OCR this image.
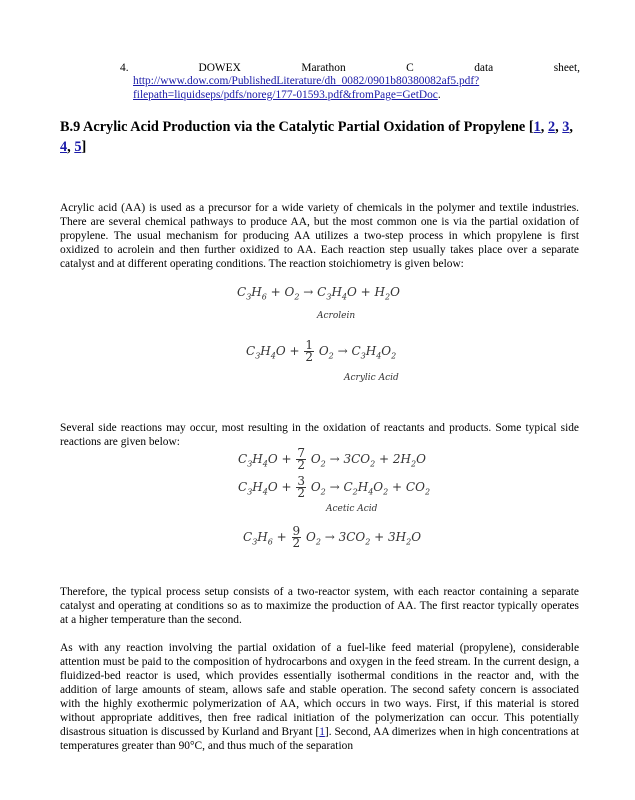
4.	DOWEX	Marathon	C	data	sheet,
http://www.dow.com/PublishedLiterature/dh_0082/0901b80380082af5.pdf?
filepath=liquidseps/pdfs/noreg/177-01593.pdf&fromPage=GetDoc.
B.9 Acrylic Acid Production via the Catalytic Partial Oxidation of Propylene [1, 2, 3, 4, 5]

Acrylic acid (AA) is used as a precursor for a wide variety of chemicals in the polymer and textile industries. There are several chemical pathways to produce AA, but the most common one is via the partial oxidation of propylene. The usual mechanism for producing AA utilizes a two-step process in which propylene is first oxidized to acrolein and then further oxidized to AA. Each reaction step usually takes place over a separate catalyst and at different operating conditions. The reaction stoichiometry is given below:

$C_3H_6 + O_2 \to C_3H_4O + H_2O$
Acrolein
$C_3H_4O + \frac{1}{2} O_2 \to C_3H_4O_2$
Acrylic Acid

Several side reactions may occur, most resulting in the oxidation of reactants and products. Some typical side reactions are given below:

$C_3H_4O + \frac{7}{2} O_2 \to 3CO_2 + 2H_2O$
$C_3H_4O + \frac{3}{2} O_2 \to C_2H_4O_2 + CO_2$
Acetic Acid
$C_3H_6 + \frac{9}{2} O_2 \to 3CO_2 + 3H_2O$

Therefore, the typical process setup consists of a two-reactor system, with each reactor containing a separate catalyst and operating at conditions so as to maximize the production of AA. The first reactor typically operates at a higher temperature than the second.

As with any reaction involving the partial oxidation of a fuel-like feed material (propylene), considerable attention must be paid to the composition of hydrocarbons and oxygen in the feed stream. In the current design, a fluidized-bed reactor is used, which provides essentially isothermal conditions in the reactor and, with the addition of large amounts of steam, allows safe and stable operation. The second safety concern is associated with the highly exothermic polymerization of AA, which occurs in two ways. First, if this material is stored without appropriate additives, then free radical initiation of the polymerization can occur. This potentially disastrous situation is discussed by Kurland and Bryant [1]. Second, AA dimerizes when in high concentrations at temperatures greater than 90°C, and thus much of the separation
